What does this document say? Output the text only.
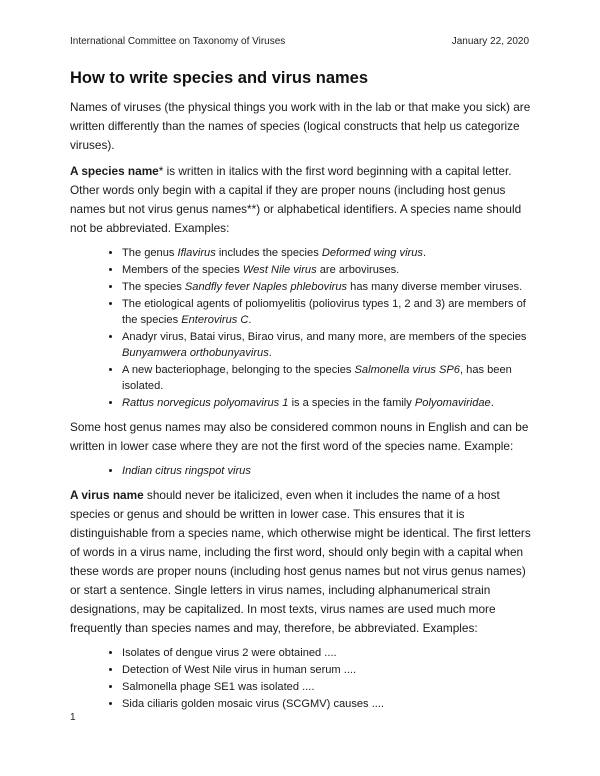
International Committee on Taxonomy of Viruses	January 22, 2020
How to write species and virus names

Names of viruses (the physical things you work with in the lab or that make you sick) are written differently than the names of species (logical constructs that help us categorize viruses).

A species name* is written in italics with the first word beginning with a capital letter. Other words only begin with a capital if they are proper nouns (including host genus names but not virus genus names**) or alphabetical identifiers. A species name should not be abbreviated. Examples:

• The genus Iflavirus includes the species Deformed wing virus.
• Members of the species West Nile virus are arboviruses.
• The species Sandfly fever Naples phlebovirus has many diverse member viruses.
• The etiological agents of poliomyelitis (poliovirus types 1, 2 and 3) are members of the species Enterovirus C.
• Anadyr virus, Batai virus, Birao virus, and many more, are members of the species Bunyamwera orthobunyavirus.
• A new bacteriophage, belonging to the species Salmonella virus SP6, has been isolated.
• Rattus norvegicus polyomavirus 1 is a species in the family Polyomaviridae.

Some host genus names may also be considered common nouns in English and can be written in lower case where they are not the first word of the species name. Example:

• Indian citrus ringspot virus

A virus name should never be italicized, even when it includes the name of a host species or genus and should be written in lower case. This ensures that it is distinguishable from a species name, which otherwise might be identical. The first letters of words in a virus name, including the first word, should only begin with a capital when these words are proper nouns (including host genus names but not virus genus names) or start a sentence. Single letters in virus names, including alphanumerical strain designations, may be capitalized. In most texts, virus names are used much more frequently than species names and may, therefore, be abbreviated. Examples:

• Isolates of dengue virus 2 were obtained ....
• Detection of West Nile virus in human serum ....
• Salmonella phage SE1 was isolated ....
• Sida ciliaris golden mosaic virus (SCGMV) causes ....
1
